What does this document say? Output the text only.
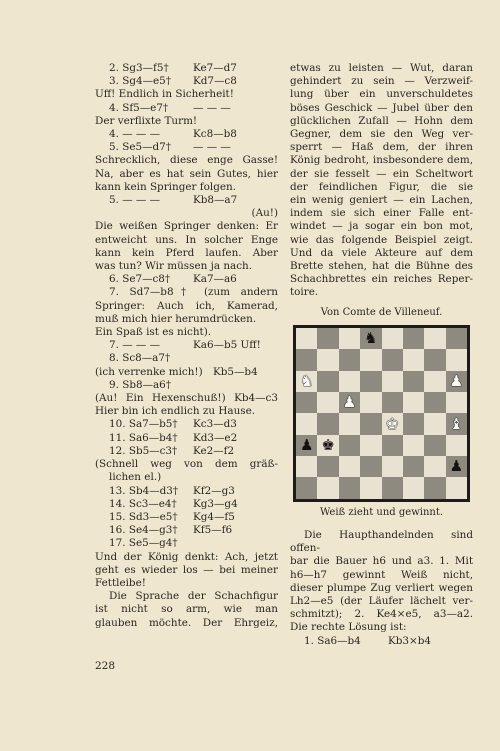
2. Sg3—f5† Ke7—d7
3. Sg4—e5† Kd7—c8
Uff! Endlich in Sicherheit!
4. Sf5—e7† — — —
Der verflixte Turm!
4. — — —	Kc8—b8
5. Se5—d7† — — —
Schrecklich, diese enge Gasse!
Na, aber es hat sein Gutes, hier
kann kein Springer folgen.
5. — — —	Kb8—a7
(Au!)
Die weißen Springer denken: Er
entweicht uns. In solcher Enge
kann kein Pferd laufen. Aber
was tun? Wir müssen ja nach.
6. Se7—c8† Ka7—a6
7. Sd7—b8† (zum andern
Springer: Auch ich, Kamerad,
muß mich hier herumdrücken.
Ein Spaß ist es nicht).
7. — — —	Ka6—b5 Uff!
8. Sc8—a7†
(ich verrenke mich!) Kb5—b4
9. Sb8—a6†
(Au! Ein Hexenschuß!) Kb4—c3
Hier bin ich endlich zu Hause.
10. Sa7—b5† Kc3—d3
11. Sa6—b4† Kd3—e2
12. Sb5—c3† Ke2—f2
(Schnell weg von dem gräß-
lichen el.)
13. Sb4—d3† Kf2—g3
14. Sc3—e4† Kg3—g4
15. Sd3—e5† Kg4—f5
16. Se4—g3† Kf5—f6
17. Se5—g4†
Und der König denkt: Ach, jetzt
geht es wieder los — bei meiner
Fettleibe!
Die Sprache der Schachfigur
ist nicht so arm, wie man
glauben möchte. Der Ehrgeiz,
etwas zu leisten — Wut, daran
gehindert zu sein — Verzweif-
lung über ein unverschuldetes
böses Geschick — Jubel über den
glücklichen Zufall — Hohn dem
Gegner, dem sie den Weg ver-
sperrt — Haß dem, der ihren
König bedroht, insbesondere dem,
der sie fesselt — ein Scheltwort
der feindlichen Figur, die sie
ein wenig geniert — ein Lachen,
indem sie sich einer Falle ent-
windet — ja sogar ein bon mot,
wie das folgende Beispiel zeigt.
Und da viele Akteure auf dem
Brette stehen, hat die Bühne des
Schachbrettes ein reiches Reper-
toire.
Von Comte de Villeneuf.
♞
♞	♟
♟
♚	♝
♟ ♚
♟
Weiß zieht und gewinnt.
Die Haupthandelnden sind offen-
bar die Bauer h6 und a3. 1. Mit
h6—h7 gewinnt Weiß nicht,
dieser plumpe Zug verliert wegen
Lh2—e5 (der Läufer lächelt ver-
schmitzt); 2. Ke4×e5, a3—a2.
Die rechte Lösung ist:
1. Sa6—b4	Kb3×b4
228
